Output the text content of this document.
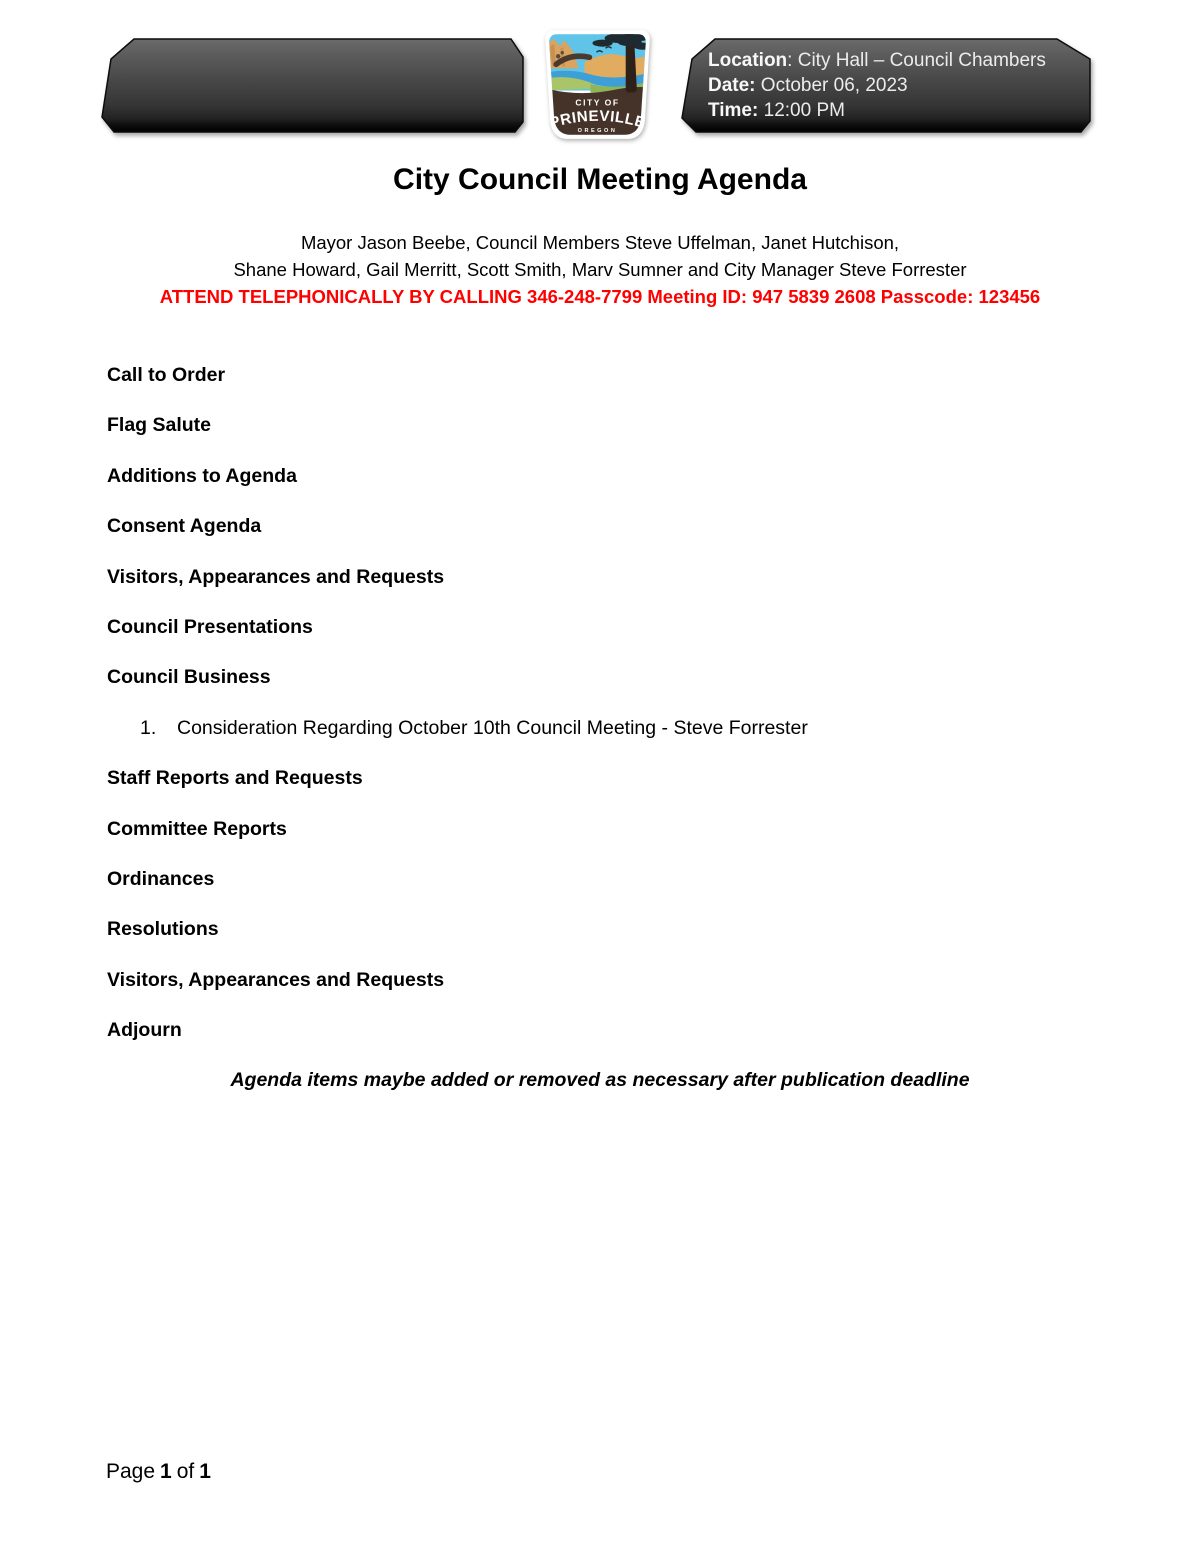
CITY OF
PRINEVILLE
OREGON
Location: City Hall – Council Chambers
Date: October 06, 2023
Time: 12:00 PM
City Council Meeting Agenda
Mayor Jason Beebe, Council Members Steve Uffelman, Janet Hutchison,
Shane Howard, Gail Merritt, Scott Smith, Marv Sumner and City Manager Steve Forrester
ATTEND TELEPHONICALLY BY CALLING 346-248-7799 Meeting ID: 947 5839 2608 Passcode: 123456
Call to Order
Flag Salute
Additions to Agenda
Consent Agenda
Visitors, Appearances and Requests
Council Presentations
Council Business
1. Consideration Regarding October 10th Council Meeting - Steve Forrester
Staff Reports and Requests
Committee Reports
Ordinances
Resolutions
Visitors, Appearances and Requests
Adjourn
Agenda items maybe added or removed as necessary after publication deadline
Page 1 of 1
